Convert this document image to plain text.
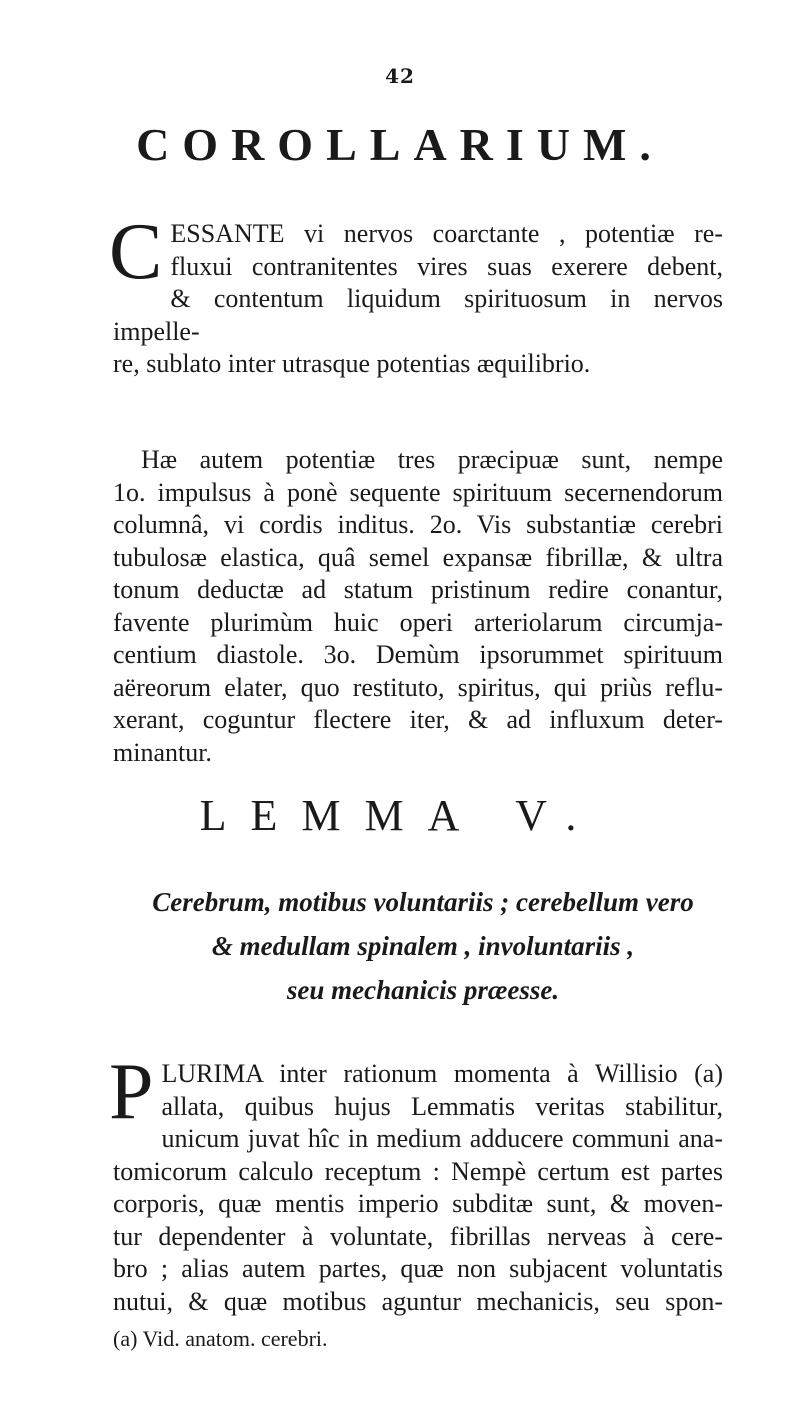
42
COROLLARIUM.
C ESSANTE vi nervos coarctante , potentiæ re-
fluxui contranitentes vires suas exerere debent,
& contentum liquidum spirituosum in nervos impelle-
re, sublato inter utrasque potentias æquilibrio.
Hæ autem potentiæ tres præcipuæ sunt, nempe
1o. impulsus à ponè sequente spirituum secernendorum
columnâ, vi cordis inditus. 2o. Vis substantiæ cerebri
tubulosæ elastica, quâ semel expansæ fibrillæ, & ultra
tonum deductæ ad statum pristinum redire conantur,
favente plurimùm huic operi arteriolarum circumja-
centium diastole. 3o. Demùm ipsorummet spirituum
aëreorum elater, quo restituto, spiritus, qui priùs reflu-
xerant, coguntur flectere iter, & ad influxum deter-
minantur.
LEMMA V.
Cerebrum, motibus voluntariis ; cerebellum vero
& medullam spinalem , involuntariis ,
seu mechanicis præesse.
P LURIMA inter rationum momenta à Willisio (a)
allata, quibus hujus Lemmatis veritas stabilitur,
unicum juvat hîc in medium adducere communi ana-
tomicorum calculo receptum : Nempè certum est partes
corporis, quæ mentis imperio subditæ sunt, & moven-
tur dependenter à voluntate, fibrillas nerveas à cere-
bro ; alias autem partes, quæ non subjacent voluntatis
nutui, & quæ motibus aguntur mechanicis, seu spon-
(a) Vid. anatom. cerebri.
